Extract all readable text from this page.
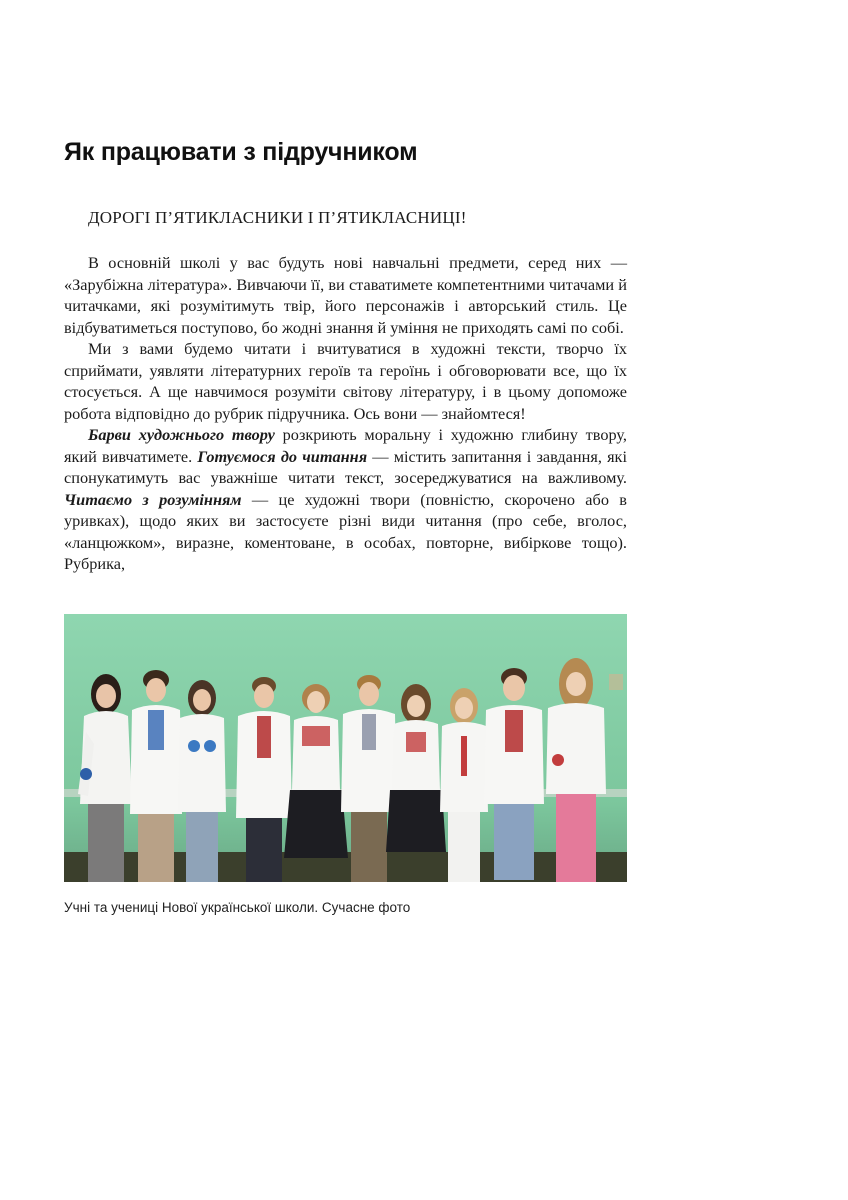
Як працювати з підручником

ДОРОГІ П’ЯТИКЛАСНИКИ І П’ЯТИКЛАСНИЦІ!

В основній школі у вас будуть нові навчальні предмети, серед них — «Зарубіжна література». Вивчаючи її, ви ставатимете компетентними читачами й читачками, які розумітимуть твір, його персонажів і авторський стиль. Це відбуватиметься поступово, бо жодні знання й уміння не приходять самі по собі.

Ми з вами будемо читати і вчитуватися в художні тексти, творчо їх сприймати, уявляти літературних героїв та героїнь і обговорювати все, що їх стосується. А ще навчимося розуміти світову літературу, і в цьому допоможе робота відповідно до рубрик підручника. Ось вони — знайомтеся!

Барви художнього твору розкриють моральну і художню глибину твору, який вивчатимете. Готуємося до читання — містить запитання і завдання, які спонукатимуть вас уважніше читати текст, зосереджуватися на важливому. Читаємо з розумінням — це художні твори (повністю, скорочено або в уривках), щодо яких ви застосуєте різні види читання (про себе, вголос, «ланцюжком», виразне, коментоване, в особах, повторне, вибіркове тощо). Рубрика,

Учні та учениці Нової української школи. Сучасне фото
